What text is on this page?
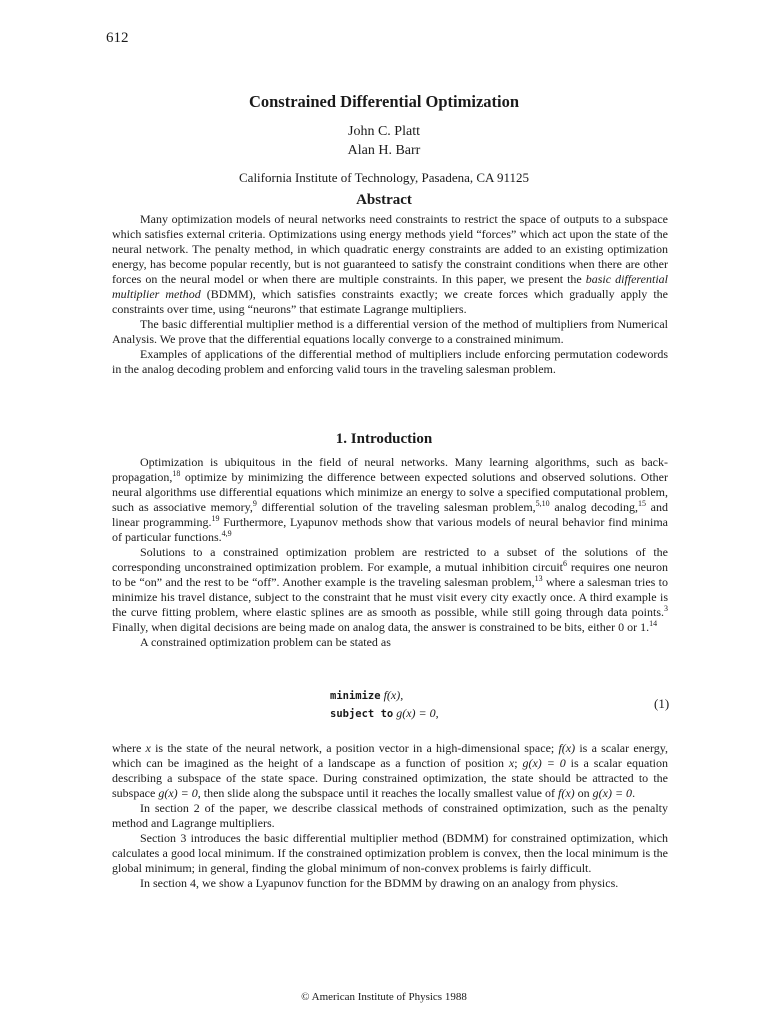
612
Constrained Differential Optimization
John C. Platt
Alan H. Barr
California Institute of Technology, Pasadena, CA 91125
Abstract

Many optimization models of neural networks need constraints to restrict the space of outputs to a subspace which satisfies external criteria. Optimizations using energy methods yield “forces” which act upon the state of the neural network. The penalty method, in which quadratic energy constraints are added to an existing optimization energy, has become popular recently, but is not guaranteed to satisfy the constraint conditions when there are other forces on the neural model or when there are multiple constraints. In this paper, we present the basic differential multiplier method (BDMM), which satisfies constraints exactly; we create forces which gradually apply the constraints over time, using “neurons” that estimate Lagrange multipliers.

The basic differential multiplier method is a differential version of the method of multipliers from Numerical Analysis. We prove that the differential equations locally converge to a constrained minimum.

Examples of applications of the differential method of multipliers include enforcing permutation codewords in the analog decoding problem and enforcing valid tours in the traveling salesman problem.

1. Introduction

Optimization is ubiquitous in the field of neural networks. Many learning algorithms, such as back-propagation,$^{18}$ optimize by minimizing the difference between expected solutions and observed solutions. Other neural algorithms use differential equations which minimize an energy to solve a specified computational problem, such as associative memory,$^9$ differential solution of the traveling salesman problem,$^{5,10}$ analog decoding,$^{15}$ and linear programming.$^{19}$ Furthermore, Lyapunov methods show that various models of neural behavior find minima of particular functions.$^{4,9}$

Solutions to a constrained optimization problem are restricted to a subset of the solutions of the corresponding unconstrained optimization problem. For example, a mutual inhibition circuit$^6$ requires one neuron to be “on” and the rest to be “off”. Another example is the traveling salesman problem,$^{13}$ where a salesman tries to minimize his travel distance, subject to the constraint that he must visit every city exactly once. A third example is the curve fitting problem, where elastic splines are as smooth as possible, while still going through data points.$^3$ Finally, when digital decisions are being made on analog data, the answer is constrained to be bits, either 0 or 1.14

A constrained optimization problem can be stated as

minimize f(x),
subject to g(x) = 0,
(1)

where x is the state of the neural network, a position vector in a high-dimensional space; f(x) is a scalar energy, which can be imagined as the height of a landscape as a function of position x; g(x) = 0 is a scalar equation describing a subspace of the state space. During constrained optimization, the state should be attracted to the subspace g(x) = 0, then slide along the subspace until it reaches the locally smallest value of f(x) on g(x) = 0.

In section 2 of the paper, we describe classical methods of constrained optimization, such as the penalty method and Lagrange multipliers.

Section 3 introduces the basic differential multiplier method (BDMM) for constrained optimization, which calculates a good local minimum. If the constrained optimization problem is convex, then the local minimum is the global minimum; in general, finding the global minimum of non-convex problems is fairly difficult.

In section 4, we show a Lyapunov function for the BDMM by drawing on an analogy from physics.

© American Institute of Physics 1988
